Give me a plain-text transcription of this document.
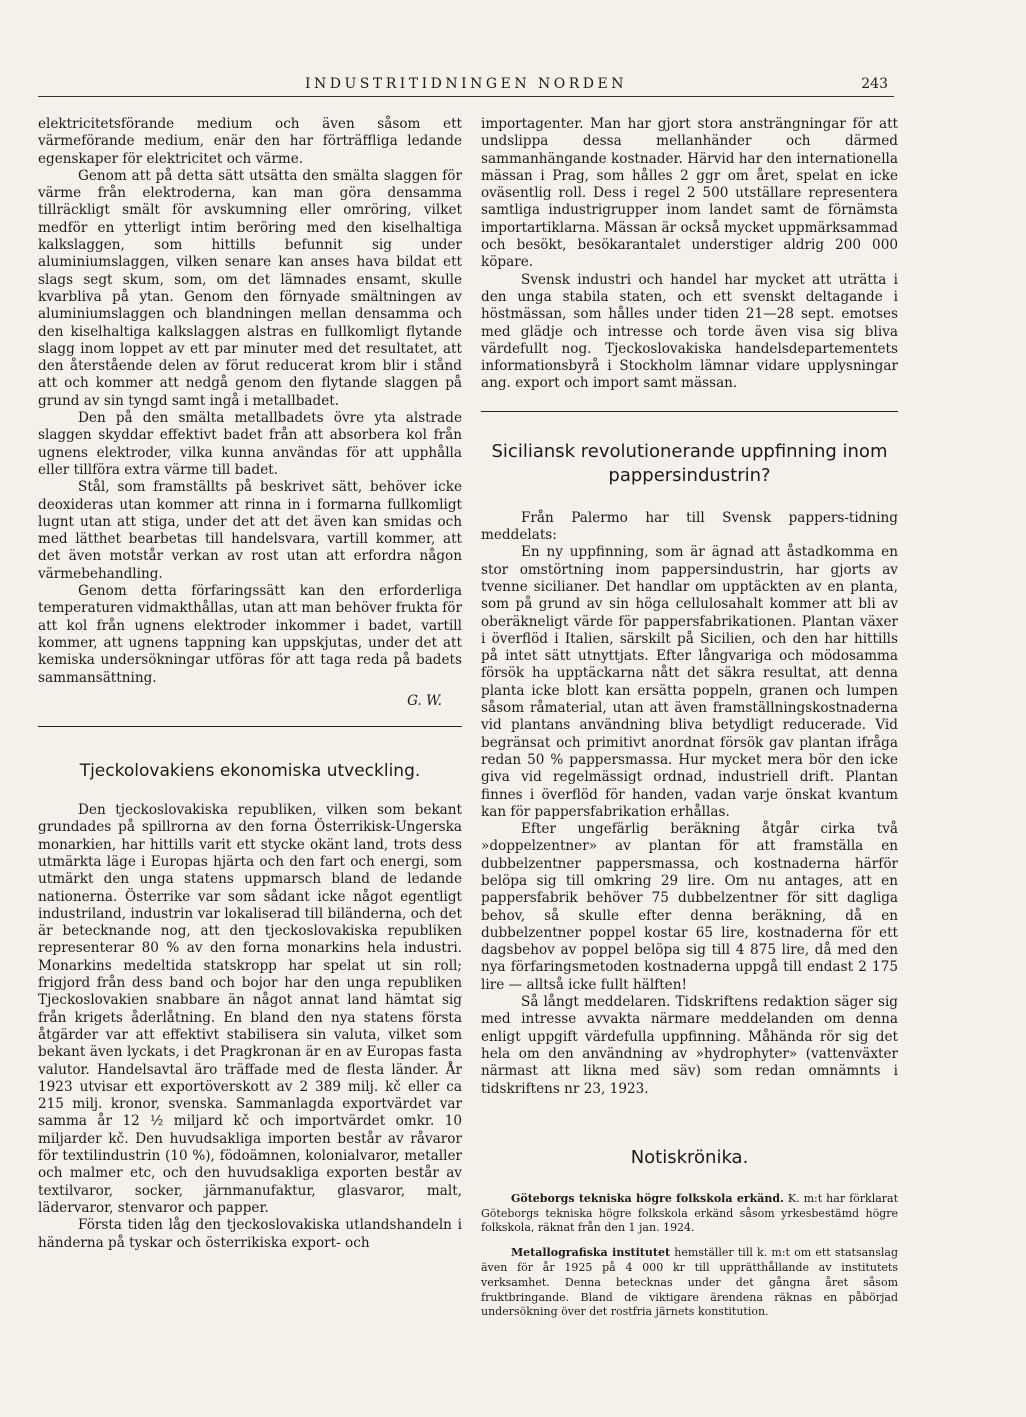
INDUSTRITIDNINGEN NORDEN	243

elektricitetsförande medium och även såsom ett värmeförande medium, enär den har förträffliga ledande egenskaper för elektricitet och värme.

Genom att på detta sätt utsätta den smälta slaggen för värme från elektroderna, kan man göra densamma tillräckligt smält för avskumning eller omröring, vilket medför en ytterligt intim beröring med den kiselhaltiga kalkslaggen, som hittills befunnit sig under aluminiumslaggen, vilken senare kan anses hava bildat ett slags segt skum, som, om det lämnades ensamt, skulle kvarbliva på ytan. Genom den förnyade smältningen av aluminiumslaggen och blandningen mellan densamma och den kiselhaltiga kalkslaggen alstras en fullkomligt flytande slagg inom loppet av ett par minuter med det resultatet, att den återstående delen av förut reducerat krom blir i stånd att och kommer att nedgå genom den flytande slaggen på grund av sin tyngd samt ingå i metallbadet.

Den på den smälta metallbadets övre yta alstrade slaggen skyddar effektivt badet från att absorbera kol från ugnens elektroder, vilka kunna användas för att upphålla eller tillföra extra värme till badet.

Stål, som framställts på beskrivet sätt, behöver icke deoxideras utan kommer att rinna in i formarna fullkomligt lugnt utan att stiga, under det att det även kan smidas och med lätthet bearbetas till handelsvara, vartill kommer, att det även motstår verkan av rost utan att erfordra någon värmebehandling.

Genom detta förfaringssätt kan den erforderliga temperaturen vidmakthållas, utan att man behöver frukta för att kol från ugnens elektroder inkommer i badet, vartill kommer, att ugnens tappning kan uppskjutas, under det att kemiska undersökningar utföras för att taga reda på badets sammansättning.

G. W.
Tjeckolovakiens ekonomiska utveckling.

Den tjeckoslovakiska republiken, vilken som bekant grundades på spillrorna av den forna Österrikisk-Ungerska monarkien, har hittills varit ett stycke okänt land, trots dess utmärkta läge i Europas hjärta och den fart och energi, som utmärkt den unga statens uppmarsch bland de ledande nationerna. Österrike var som sådant icke något egentligt industriland, industrin var lokaliserad till biländerna, och det är betecknande nog, att den tjeckoslovakiska republiken representerar 80 % av den forna monarkins hela industri. Monarkins medeltida statskropp har spelat ut sin roll; frigjord från dess band och bojor har den unga republiken Tjeckoslovakien snabbare än något annat land hämtat sig från krigets åderlåtning. En bland den nya statens första åtgärder var att effektivt stabilisera sin valuta, vilket som bekant även lyckats, i det Pragkronan är en av Europas fasta valutor. Handelsavtal äro träffade med de flesta länder. År 1923 utvisar ett exportöverskott av 2 389 milj. kč eller ca 215 milj. kronor, svenska. Sammanlagda exportvärdet var samma år 12 ½ miljard kč och importvärdet omkr. 10 miljarder kč. Den huvudsakliga importen består av råvaror för textilindustrin (10 %), födoämnen, kolonialvaror, metaller och malmer etc, och den huvudsakliga exporten består av textilvaror, socker, järnmanufaktur, glasvaror, malt, lädervaror, stenvaror och papper.

Första tiden låg den tjeckoslovakiska utlandshandeln i händerna på tyskar och österrikiska export- och

importagenter. Man har gjort stora ansträngningar för att undslippa dessa mellanhänder och därmed sammanhängande kostnader. Härvid har den internationella mässan i Prag, som hålles 2 ggr om året, spelat en icke oväsentlig roll. Dess i regel 2 500 utställare representera samtliga industrigrupper inom landet samt de förnämsta importartiklarna. Mässan är också mycket uppmärksammad och besökt, besökarantalet understiger aldrig 200 000 köpare.

Svensk industri och handel har mycket att uträtta i den unga stabila staten, och ett svenskt deltagande i höstmässan, som hålles under tiden 21—28 sept. emotses med glädje och intresse och torde även visa sig bliva värdefullt nog. Tjeckoslovakiska handelsdepartementets informationsbyrå i Stockholm lämnar vidare upplysningar ang. export och import samt mässan.

Siciliansk revolutionerande uppfinning inom pappersindustrin?

Från Palermo har till Svensk pappers-tidning meddelats:

En ny uppfinning, som är ägnad att åstadkomma en stor omstörtning inom pappersindustrin, har gjorts av tvenne sicilianer. Det handlar om upptäckten av en planta, som på grund av sin höga cellulosahalt kommer att bli av oberäkneligt värde för pappersfabrikationen. Plantan växer i överflöd i Italien, särskilt på Sicilien, och den har hittills på intet sätt utnyttjats. Efter långvariga och mödosamma försök ha upptäckarna nått det säkra resultat, att denna planta icke blott kan ersätta poppeln, granen och lumpen såsom råmaterial, utan att även framställningskostnaderna vid plantans användning bliva betydligt reducerade. Vid begränsat och primitivt anordnat försök gav plantan ifråga redan 50 % pappersmassa. Hur mycket mera bör den icke giva vid regelmässigt ordnad, industriell drift. Plantan finnes i överflöd för handen, vadan varje önskat kvantum kan för pappersfabrikation erhållas.

Efter ungefärlig beräkning åtgår cirka två »doppelzentner» av plantan för att framställa en dubbelzentner pappersmassa, och kostnaderna härför belöpa sig till omkring 29 lire. Om nu antages, att en pappersfabrik behöver 75 dubbelzentner för sitt dagliga behov, så skulle efter denna beräkning, då en dubbelzentner poppel kostar 65 lire, kostnaderna för ett dagsbehov av poppel belöpa sig till 4 875 lire, då med den nya förfaringsmetoden kostnaderna uppgå till endast 2 175 lire — alltså icke fullt hälften!

Så långt meddelaren. Tidskriftens redaktion säger sig med intresse avvakta närmare meddelanden om denna enligt uppgift värdefulla uppfinning. Måhända rör sig det hela om den användning av »hydrophyter» (vattenväxter närmast att likna med säv) som redan omnämnts i tidskriftens nr 23, 1923.

Notiskrönika.

Göteborgs tekniska högre folkskola erkänd. K. m:t har förklarat Göteborgs tekniska högre folkskola erkänd såsom yrkesbestämd högre folkskola, räknat från den 1 jan. 1924.

Metallografiska institutet hemställer till k. m:t om ett statsanslag även för år 1925 på 4 000 kr till upprätthållande av institutets verksamhet. Denna betecknas under det gångna året såsom fruktbringande. Bland de viktigare ärendena räknas en påbörjad undersökning över det rostfria järnets konstitution.
